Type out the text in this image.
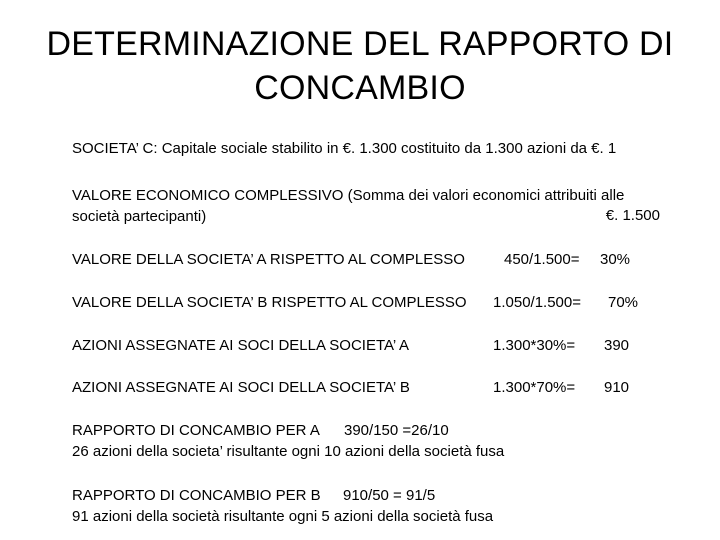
DETERMINAZIONE DEL RAPPORTO DI
CONCAMBIO
SOCIETA’ C: Capitale sociale stabilito in €. 1.300 costituito da 1.300 azioni da €. 1
VALORE ECONOMICO COMPLESSIVO (Somma dei valori economici attribuiti alle
società partecipanti)	€. 1.500
VALORE DELLA SOCIETA’ A RISPETTO AL COMPLESSO	450/1.500= 30%
VALORE DELLA SOCIETA’ B RISPETTO AL COMPLESSO 1.050/1.500= 70%
AZIONI ASSEGNATE AI SOCI DELLA SOCIETA’ A	1.300*30%= 390
AZIONI ASSEGNATE AI SOCI DELLA SOCIETA’ B	1.300*70%= 910
RAPPORTO DI CONCAMBIO PER A 390/150 =26/10
26 azioni della societa’ risultante ogni 10 azioni della società fusa
RAPPORTO DI CONCAMBIO PER B 910/50 = 91/5
91 azioni della società risultante ogni 5 azioni della società fusa
